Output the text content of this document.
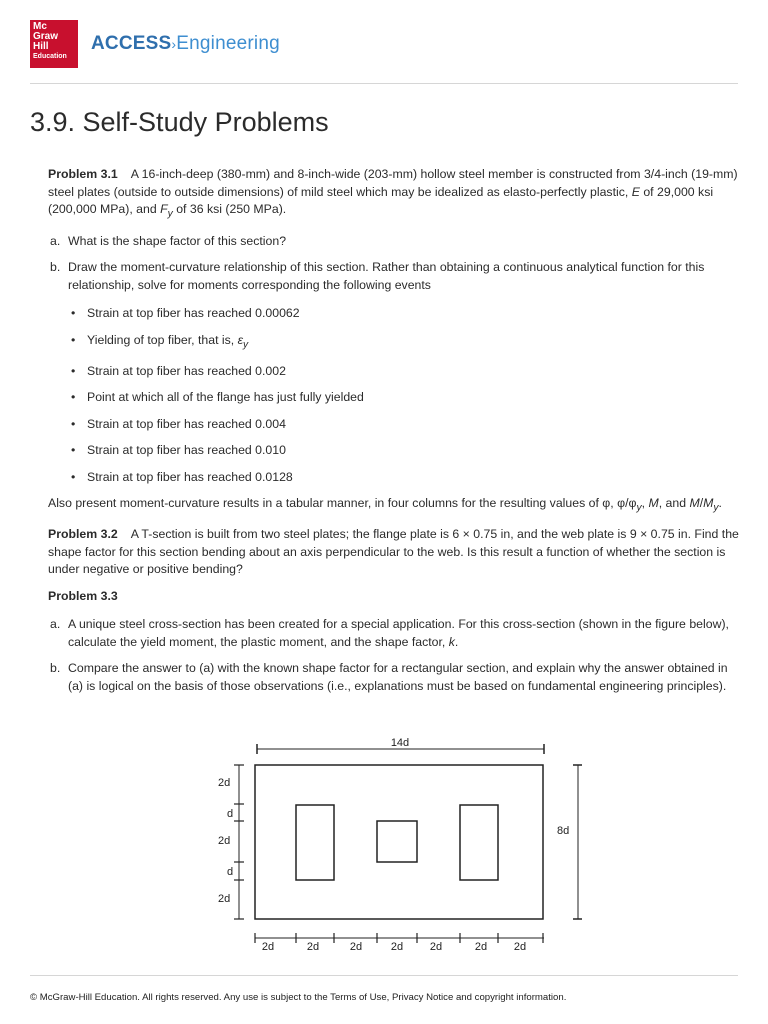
Mc
Graw
Hill
Education
ACCESS›Engineering
3.9. Self-Study Problems

Problem 3.1 A 16-inch-deep (380-mm) and 8-inch-wide (203-mm) hollow steel member is constructed from 3/4-inch (19-mm) steel plates (outside to outside dimensions) of mild steel which may be idealized as elasto-perfectly plastic, E of 29,000 ksi (200,000 MPa), and $F_y$ of 36 ksi (250 MPa).

a. What is the shape factor of this section?
b. Draw the moment-curvature relationship of this section. Rather than obtaining a continuous analytical function for this relationship, solve for moments corresponding the following events
• Strain at top fiber has reached 0.00062
• Yielding of top fiber, that is, $\varepsilon_y$
• Strain at top fiber has reached 0.002
• Point at which all of the flange has just fully yielded
• Strain at top fiber has reached 0.004
• Strain at top fiber has reached 0.010
• Strain at top fiber has reached 0.0128

Also present moment-curvature results in a tabular manner, in four columns for the resulting values of φ, $\varphi/\varphi_y$, M, and $M/M_y$.

Problem 3.2 A T-section is built from two steel plates; the flange plate is 6 × 0.75 in, and the web plate is 9 × 0.75 in. Find the shape factor for this section bending about an axis perpendicular to the web. Is this result a function of whether the section is under negative or positive bending?

Problem 3.3

a. A unique steel cross-section has been created for a special application. For this cross-section (shown in the figure below), calculate the yield moment, the plastic moment, and the shape factor, k.
b. Compare the answer to (a) with the known shape factor for a rectangular section, and explain why the answer obtained in (a) is logical on the basis of those observations (i.e., explanations must be based on fundamental engineering principles).
14d
8d
2d
d
2d
d
2d
2d	2d	2d	2d 2d	2d 2d
© McGraw-Hill Education. All rights reserved. Any use is subject to the Terms of Use, Privacy Notice and copyright information.
